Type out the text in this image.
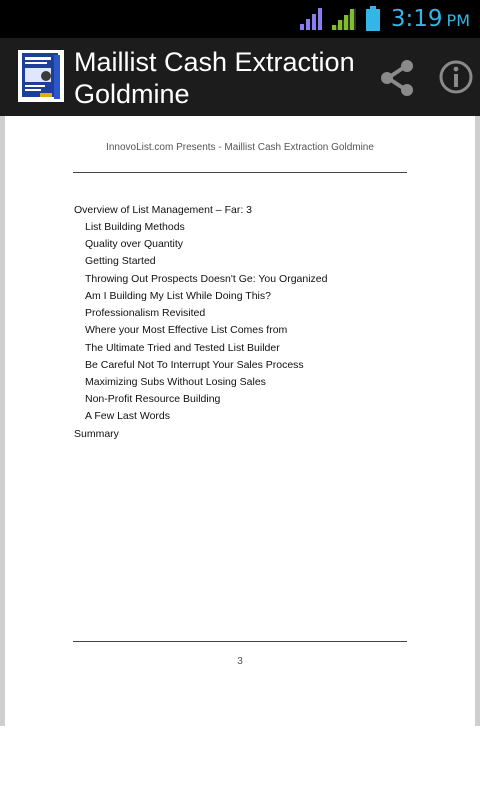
3:19 PM
Maillist Cash Extraction Goldmine
InnovoList.com Presents - Maillist Cash Extraction Goldmine
Overview of List Management – Far: 3
List Building Methods
Quality over Quantity
Getting Started
Throwing Out Prospects Doesn't Ge: You Organized
Am I Building My List While Doing This?
Professionalism Revisited
Where your Most Effective List Comes from
The Ultimate Tried and Tested List Builder
Be Careful Not To Interrupt Your Sales Process
Maximizing Subs Without Losing Sales
Non-Profit Resource Building
A Few Last Words
Summary
3
